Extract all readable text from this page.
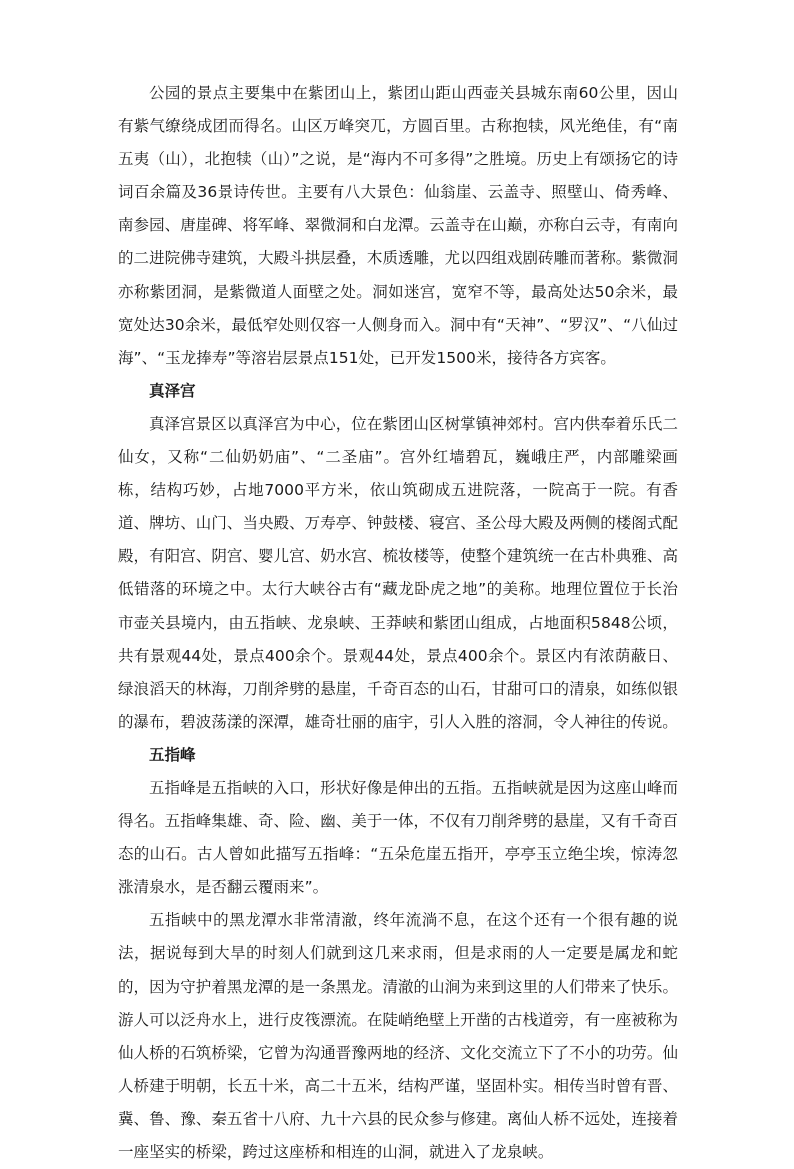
公园的景点主要集中在紫团山上，紫团山距山西壶关县城东南60公里，因山有紫气缭绕成团而得名。山区万峰突兀，方圆百里。古称抱犊，风光绝佳，有“南五夷（山），北抱犊（山）”之说，是“海内不可多得”之胜境。历史上有颂扬它的诗词百余篇及36景诗传世。主要有八大景色：仙翁崖、云盖寺、照壁山、倚秀峰、南参园、唐崖碑、将军峰、翠微洞和白龙潭。云盖寺在山巅，亦称白云寺，有南向的二进院佛寺建筑，大殿斗拱层叠，木质透雕，尤以四组戏剧砖雕而著称。紫微洞亦称紫团洞，是紫微道人面壁之处。洞如迷宫，宽窄不等，最高处达50余米，最宽处达30余米，最低窄处则仅容一人侧身而入。洞中有“天神”、“罗汉”、“八仙过海”、“玉龙捧寿”等溶岩层景点151处，已开发1500米，接待各方宾客。

真泽宫

真泽宫景区以真泽宫为中心，位在紫团山区树掌镇神郊村。宫内供奉着乐氏二仙女，又称“二仙奶奶庙”、“二圣庙”。宫外红墙碧瓦，巍峨庄严，内部雕梁画栋，结构巧妙，占地7000平方米，依山筑砌成五进院落，一院高于一院。有香道、牌坊、山门、当央殿、万寿亭、钟鼓楼、寝宫、圣公母大殿及两侧的楼阁式配殿，有阳宫、阴宫、婴儿宫、奶水宫、梳妆楼等，使整个建筑统一在古朴典雅、高低错落的环境之中。太行大峡谷古有“藏龙卧虎之地”的美称。地理位置位于长治市壶关县境内，由五指峡、龙泉峡、王莽峡和紫团山组成，占地面积5848公顷，共有景观44处，景点400余个。景观44处，景点400余个。景区内有浓荫蔽日、绿浪滔天的林海，刀削斧劈的悬崖，千奇百态的山石，甘甜可口的清泉，如练似银的瀑布，碧波荡漾的深潭，雄奇壮丽的庙宇，引人入胜的溶洞，令人神往的传说。

五指峰

五指峰是五指峡的入口，形状好像是伸出的五指。五指峡就是因为这座山峰而得名。五指峰集雄、奇、险、幽、美于一体，不仅有刀削斧劈的悬崖，又有千奇百态的山石。古人曾如此描写五指峰：“五朵危崖五指开，亭亭玉立绝尘埃，惊涛忽涨清泉水，是否翻云覆雨来”。

五指峡中的黑龙潭水非常清澈，终年流淌不息，在这个还有一个很有趣的说法，据说每到大旱的时刻人们就到这几来求雨，但是求雨的人一定要是属龙和蛇的，因为守护着黑龙潭的是一条黑龙。清澈的山涧为来到这里的人们带来了快乐。游人可以泛舟水上，进行皮筏漂流。在陡峭绝壁上开凿的古栈道旁，有一座被称为仙人桥的石筑桥梁，它曾为沟通晋豫两地的经济、文化交流立下了不小的功劳。仙人桥建于明朝，长五十米，高二十五米，结构严谨，坚固朴实。相传当时曾有晋、冀、鲁、豫、秦五省十八府、九十六县的民众参与修建。离仙人桥不远处，连接着一座坚实的桥梁，跨过这座桥和相连的山洞，就进入了龙泉峡。
